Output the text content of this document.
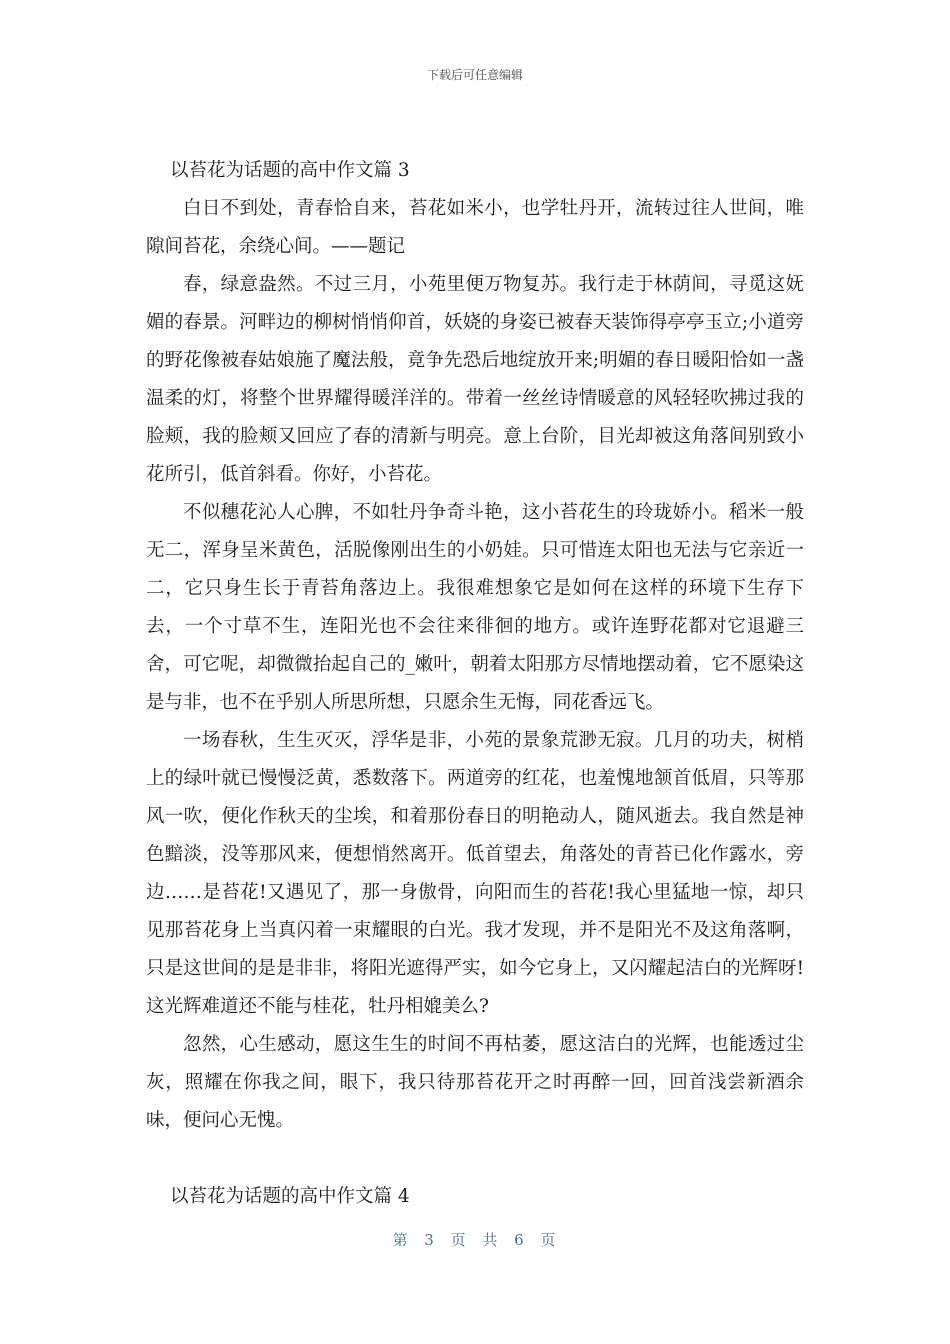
下载后可任意编辑

以苔花为话题的高中作文篇 3

白日不到处，青春恰自来，苔花如米小，也学牡丹开，流转过往人世间，唯隙间苔花，余绕心间。——题记

春，绿意盎然。不过三月，小苑里便万物复苏。我行走于林荫间，寻觅这妩媚的春景。河畔边的柳树悄悄仰首，妖娆的身姿已被春天装饰得亭亭玉立;小道旁的野花像被春姑娘施了魔法般，竟争先恐后地绽放开来;明媚的春日暖阳恰如一盏温柔的灯，将整个世界耀得暖洋洋的。带着一丝丝诗情暖意的风轻轻吹拂过我的脸颊，我的脸颊又回应了春的清新与明亮。意上台阶，目光却被这角落间别致小花所引，低首斜看。你好，小苔花。

不似穗花沁人心脾，不如牡丹争奇斗艳，这小苔花生的玲珑娇小。稻米一般无二，浑身呈米黄色，活脱像刚出生的小奶娃。只可惜连太阳也无法与它亲近一二，它只身生长于青苔角落边上。我很难想象它是如何在这样的环境下生存下去，一个寸草不生，连阳光也不会往来徘徊的地方。或许连野花都对它退避三舍，可它呢，却微微抬起自己的_嫩叶，朝着太阳那方尽情地摆动着，它不愿染这是与非，也不在乎别人所思所想，只愿余生无悔，同花香远飞。

一场春秋，生生灭灭，浮华是非，小苑的景象荒渺无寂。几月的功夫，树梢上的绿叶就已慢慢泛黄，悉数落下。两道旁的红花，也羞愧地颔首低眉，只等那风一吹，便化作秋天的尘埃，和着那份春日的明艳动人，随风逝去。我自然是神色黯淡，没等那风来，便想悄然离开。低首望去，角落处的青苔已化作露水，旁边……是苔花!又遇见了，那一身傲骨，向阳而生的苔花!我心里猛地一惊，却只见那苔花身上当真闪着一束耀眼的白光。我才发现，并不是阳光不及这角落啊，只是这世间的是是非非，将阳光遮得严实，如今它身上，又闪耀起洁白的光辉呀!这光辉难道还不能与桂花，牡丹相媲美么?

忽然，心生感动，愿这生生的时间不再枯萎，愿这洁白的光辉，也能透过尘灰，照耀在你我之间，眼下，我只待那苔花开之时再醉一回，回首浅尝新酒余味，便问心无愧。

以苔花为话题的高中作文篇 4

第 3 页 共 6 页
